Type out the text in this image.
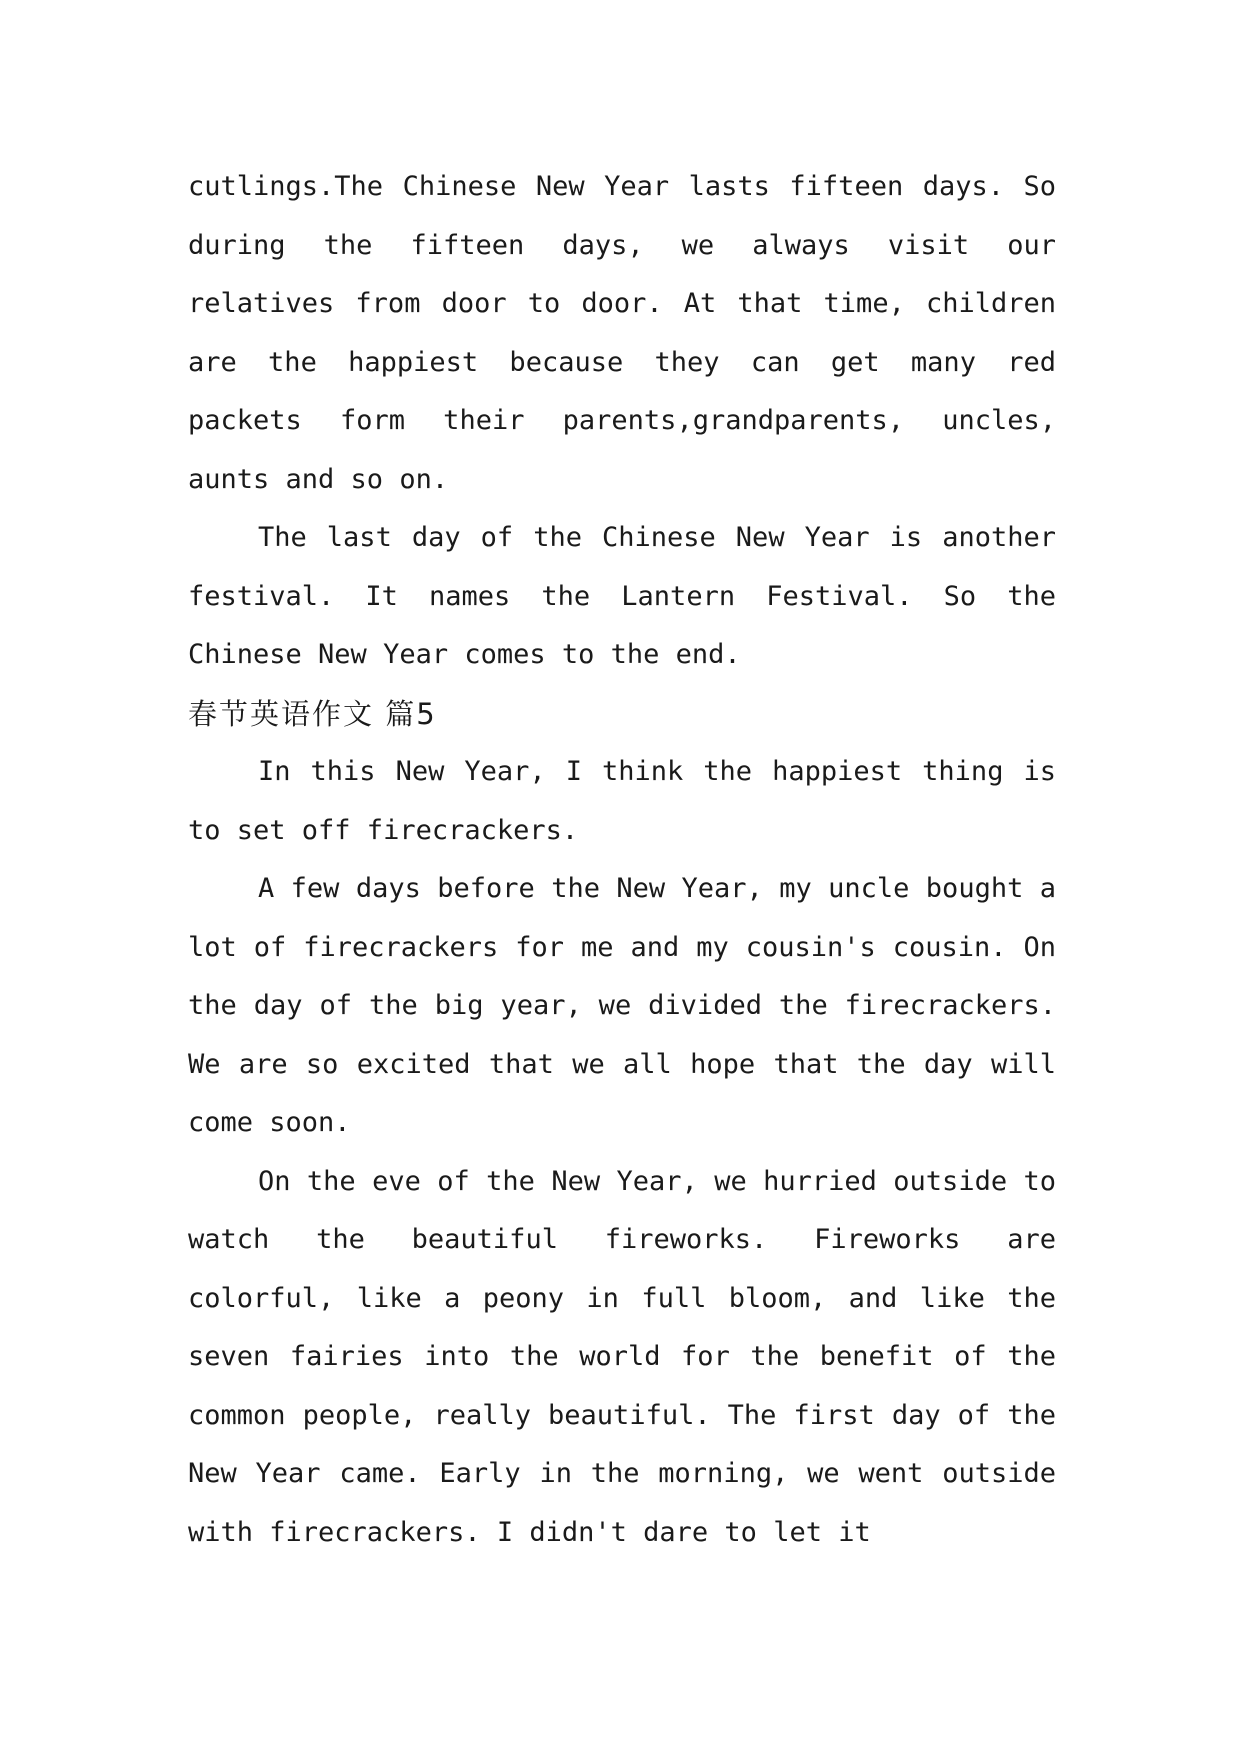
cutlings.The Chinese New Year lasts fifteen days. So during the fifteen days, we always visit our relatives from door to door. At that time, children are the happiest because they can get many red packets form their parents,grandparents, uncles, aunts and so on.

The last day of the Chinese New Year is another festival. It names the Lantern Festival. So the Chinese New Year comes to the end.

春节英语作文 篇5

In this New Year, I think the happiest thing is to set off firecrackers.

A few days before the New Year, my uncle bought a lot of firecrackers for me and my cousin's cousin. On the day of the big year, we divided the firecrackers. We are so excited that we all hope that the day will come soon.

On the eve of the New Year, we hurried outside to watch the beautiful fireworks. Fireworks are colorful, like a peony in full bloom, and like the seven fairies into the world for the benefit of the common people, really beautiful. The first day of the New Year came. Early in the morning, we went outside with firecrackers. I didn't dare to let it
